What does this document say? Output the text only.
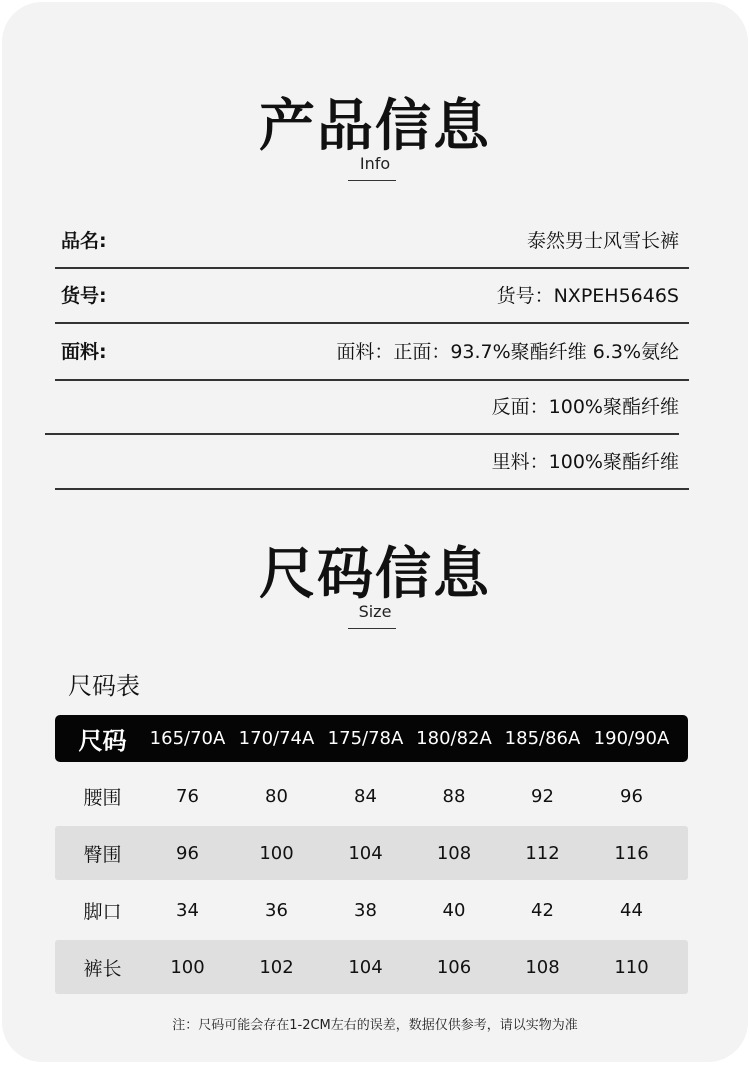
产品信息
Info
品名:	泰然男士风雪长裤
货号:	货号：NXPEH5646S
面料:	面料：正面：93.7%聚酯纤维 6.3%氨纶
反面：100%聚酯纤维
里料：100%聚酯纤维
尺码信息
Size
尺码表
尺码	165/70A 170/74A 175/78A 180/82A 185/86A 190/90A
腰围	76	80	84	88	92	96
臀围	96	100	104	108	112	116
脚口	34	36	38	40	42	44
裤长	100	102	104	106	108	110
注：尺码可能会存在1-2CM左右的误差，数据仅供参考，请以实物为准
